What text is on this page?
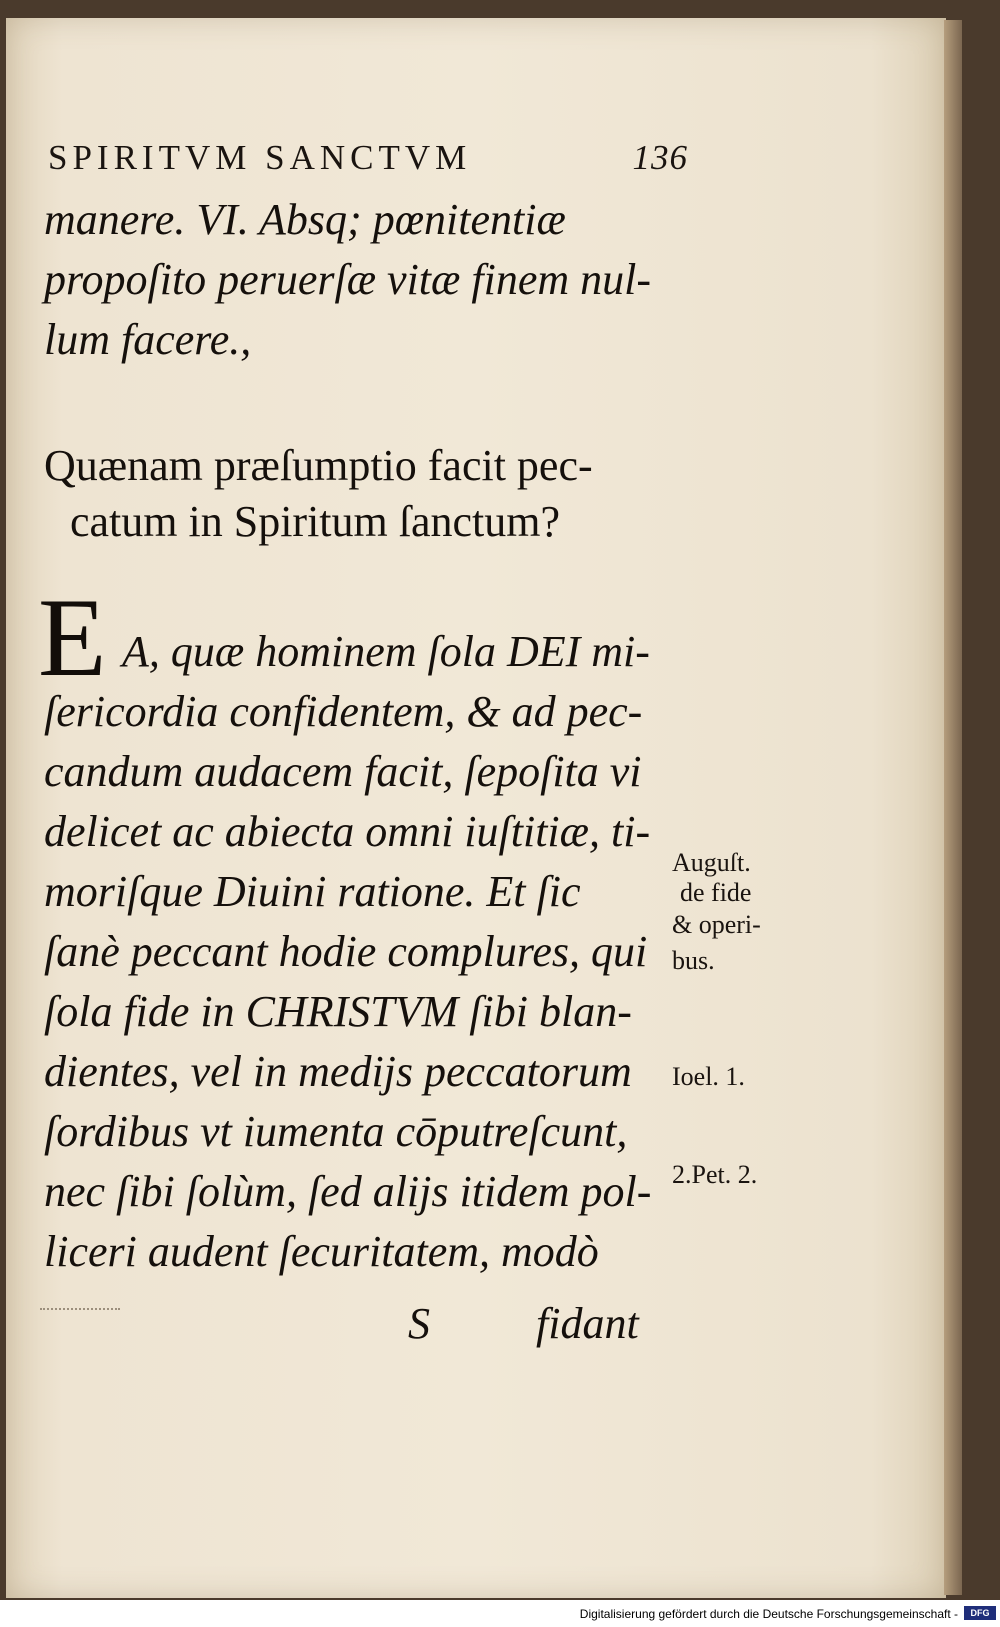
SPIRITVM SANCTVM	136
manere. VI. Absq; pœnitentiæ
propoſito peruerſæ vitæ finem nul-
lum facere.,
Quænam præſumptio facit pec-
catum in Spiritum ſanctum?
E A, quæ hominem ſola DEI mi-
ſericordia confidentem, & ad pec-
candum audacem facit, ſepoſita vi
delicet ac abiecta omni iuſtitiæ, ti-
moriſque Diuini ratione. Et ſic
ſanè peccant hodie complures, qui
ſola fide in CHRISTVM ſibi blan-
dientes, vel in medijs peccatorum
ſordibus vt iumenta cōputreſcunt,
nec ſibi ſolùm, ſed alijs itidem pol-
liceri audent ſecuritatem, modò
Auguſt.
de fide
& operi-
bus.
Ioel. 1.
2.Pet. 2.
S fidant
Digitalisierung gefördert durch die Deutsche Forschungsgemeinschaft -	DFG
